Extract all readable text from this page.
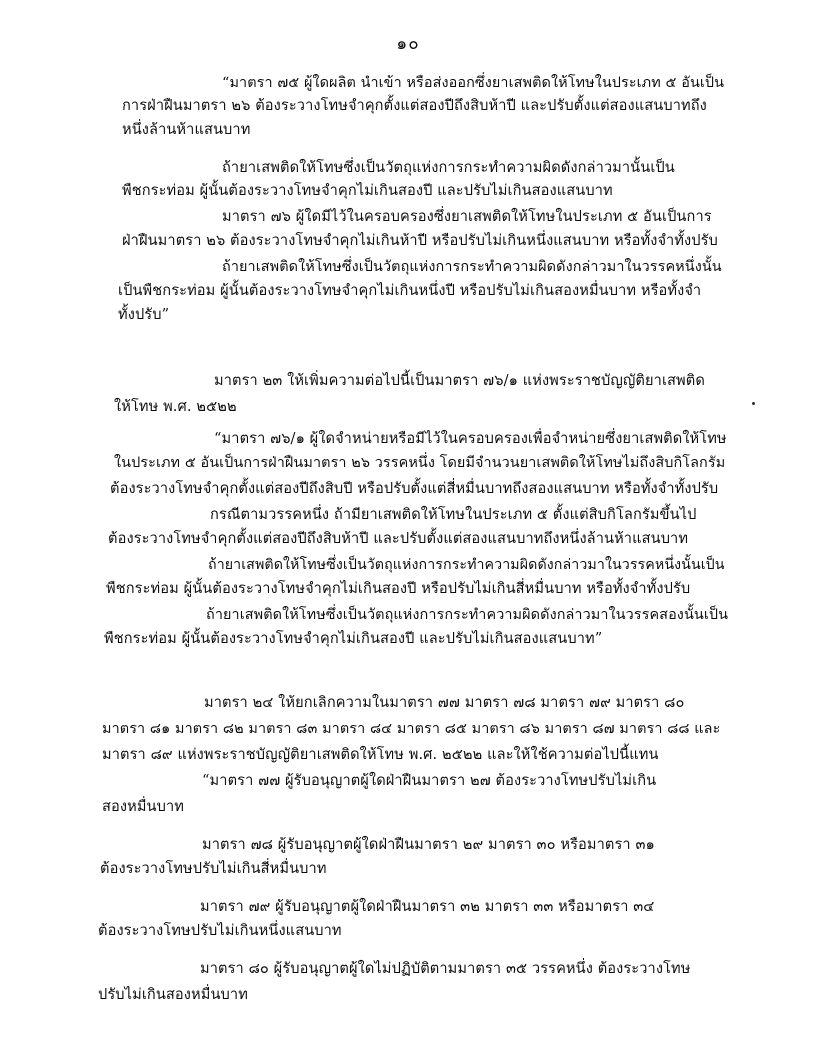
๑๐
“มาตรา ๗๕ ผู้ใดผลิต นำเข้า หรือส่งออกซึ่งยาเสพติดให้โทษในประเภท ๕ อันเป็น
การฝ่าฝืนมาตรา ๒๖ ต้องระวางโทษจำคุกตั้งแต่สองปีถึงสิบห้าปี และปรับตั้งแต่สองแสนบาทถึง
หนึ่งล้านห้าแสนบาท
ถ้ายาเสพติดให้โทษซึ่งเป็นวัตถุแห่งการกระทำความผิดดังกล่าวมานั้นเป็น
พืชกระท่อม ผู้นั้นต้องระวางโทษจำคุกไม่เกินสองปี และปรับไม่เกินสองแสนบาท
มาตรา ๗๖ ผู้ใดมีไว้ในครอบครองซึ่งยาเสพติดให้โทษในประเภท ๕ อันเป็นการ
ฝ่าฝืนมาตรา ๒๖ ต้องระวางโทษจำคุกไม่เกินห้าปี หรือปรับไม่เกินหนึ่งแสนบาท หรือทั้งจำทั้งปรับ
ถ้ายาเสพติดให้โทษซึ่งเป็นวัตถุแห่งการกระทำความผิดดังกล่าวมาในวรรคหนึ่งนั้น
เป็นพืชกระท่อม ผู้นั้นต้องระวางโทษจำคุกไม่เกินหนึ่งปี หรือปรับไม่เกินสองหมื่นบาท หรือทั้งจำ
ทั้งปรับ”
มาตรา ๒๓ ให้เพิ่มความต่อไปนี้เป็นมาตรา ๗๖/๑ แห่งพระราชบัญญัติยาเสพติด
ให้โทษ พ.ศ. ๒๕๒๒
“มาตรา ๗๖/๑ ผู้ใดจำหน่ายหรือมีไว้ในครอบครองเพื่อจำหน่ายซึ่งยาเสพติดให้โทษ
ในประเภท ๕ อันเป็นการฝ่าฝืนมาตรา ๒๖ วรรคหนึ่ง โดยมีจำนวนยาเสพติดให้โทษไม่ถึงสิบกิโลกรัม
ต้องระวางโทษจำคุกตั้งแต่สองปีถึงสิบปี หรือปรับตั้งแต่สี่หมื่นบาทถึงสองแสนบาท หรือทั้งจำทั้งปรับ
กรณีตามวรรคหนึ่ง ถ้ามียาเสพติดให้โทษในประเภท ๕ ตั้งแต่สิบกิโลกรัมขึ้นไป
ต้องระวางโทษจำคุกตั้งแต่สองปีถึงสิบห้าปี และปรับตั้งแต่สองแสนบาทถึงหนึ่งล้านห้าแสนบาท
ถ้ายาเสพติดให้โทษซึ่งเป็นวัตถุแห่งการกระทำความผิดดังกล่าวมาในวรรคหนึ่งนั้นเป็น
พืชกระท่อม ผู้นั้นต้องระวางโทษจำคุกไม่เกินสองปี หรือปรับไม่เกินสี่หมื่นบาท หรือทั้งจำทั้งปรับ
ถ้ายาเสพติดให้โทษซึ่งเป็นวัตถุแห่งการกระทำความผิดดังกล่าวมาในวรรคสองนั้นเป็น
พืชกระท่อม ผู้นั้นต้องระวางโทษจำคุกไม่เกินสองปี และปรับไม่เกินสองแสนบาท”
มาตรา ๒๔ ให้ยกเลิกความในมาตรา ๗๗ มาตรา ๗๘ มาตรา ๗๙ มาตรา ๘๐
มาตรา ๘๑ มาตรา ๘๒ มาตรา ๘๓ มาตรา ๘๔ มาตรา ๘๕ มาตรา ๘๖ มาตรา ๘๗ มาตรา ๘๘ และ
มาตรา ๘๙ แห่งพระราชบัญญัติยาเสพติดให้โทษ พ.ศ. ๒๕๒๒ และให้ใช้ความต่อไปนี้แทน
“มาตรา ๗๗ ผู้รับอนุญาตผู้ใดฝ่าฝืนมาตรา ๒๗ ต้องระวางโทษปรับไม่เกิน
สองหมื่นบาท
มาตรา ๗๘ ผู้รับอนุญาตผู้ใดฝ่าฝืนมาตรา ๒๙ มาตรา ๓๐ หรือมาตรา ๓๑
ต้องระวางโทษปรับไม่เกินสี่หมื่นบาท
มาตรา ๗๙ ผู้รับอนุญาตผู้ใดฝ่าฝืนมาตรา ๓๒ มาตรา ๓๓ หรือมาตรา ๓๔
ต้องระวางโทษปรับไม่เกินหนึ่งแสนบาท
มาตรา ๘๐ ผู้รับอนุญาตผู้ใดไม่ปฏิบัติตามมาตรา ๓๕ วรรคหนึ่ง ต้องระวางโทษ
ปรับไม่เกินสองหมื่นบาท
